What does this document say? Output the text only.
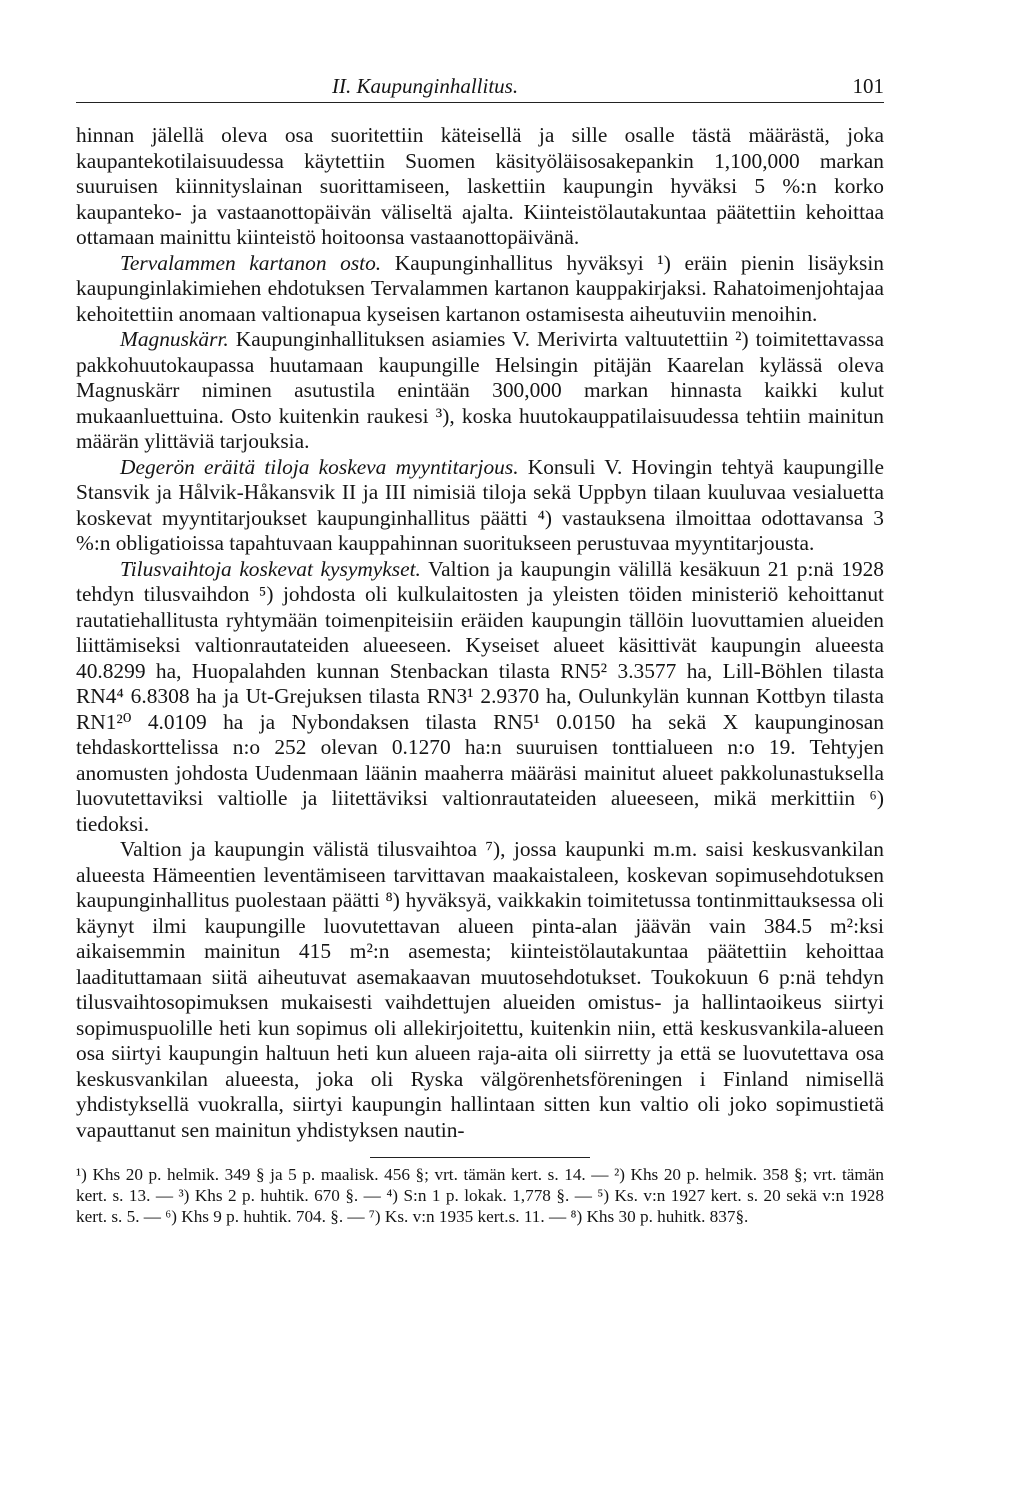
II. Kaupunginhallitus.	101

hinnan jälellä oleva osa suoritettiin käteisellä ja sille osalle tästä määrästä, joka kaupantekotilaisuudessa käytettiin Suomen käsityöläisosakepankin 1,100,000 markan suuruisen kiinnityslainan suorittamiseen, laskettiin kaupungin hyväksi 5 %:n korko kaupanteko- ja vastaanottopäivän väliseltä ajalta. Kiinteistölautakuntaa päätettiin kehoittaa ottamaan mainittu kiinteistö hoitoonsa vastaanottopäivänä.

Tervalammen kartanon osto. Kaupunginhallitus hyväksyi ¹) eräin pienin lisäyksin kaupunginlakimiehen ehdotuksen Tervalammen kartanon kauppakirjaksi. Rahatoimenjohtajaa kehoitettiin anomaan valtionapua kyseisen kartanon ostamisesta aiheutuviin menoihin.

Magnuskärr. Kaupunginhallituksen asiamies V. Merivirta valtuutettiin ²) toimitettavassa pakkohuutokaupassa huutamaan kaupungille Helsingin pitäjän Kaarelan kylässä oleva Magnuskärr niminen asutustila enintään 300,000 markan hinnasta kaikki kulut mukaanluettuina. Osto kuitenkin raukesi ³), koska huutokauppatilaisuudessa tehtiin mainitun määrän ylittäviä tarjouksia.

Degerön eräitä tiloja koskeva myyntitarjous. Konsuli V. Hovingin tehtyä kaupungille Stansvik ja Hålvik-Håkansvik II ja III nimisiä tiloja sekä Uppbyn tilaan kuuluvaa vesialuetta koskevat myyntitarjoukset kaupunginhallitus päätti ⁴) vastauksena ilmoittaa odottavansa 3 %:n obligatioissa tapahtuvaan kauppahinnan suoritukseen perustuvaa myyntitarjousta.

Tilusvaihtoja koskevat kysymykset. Valtion ja kaupungin välillä kesäkuun 21 p:nä 1928 tehdyn tilusvaihdon ⁵) johdosta oli kulkulaitosten ja yleisten töiden ministeriö kehoittanut rautatiehallitusta ryhtymään toimenpiteisiin eräiden kaupungin tällöin luovuttamien alueiden liittämiseksi valtionrautateiden alueeseen. Kyseiset alueet käsittivät kaupungin alueesta 40.8299 ha, Huopalahden kunnan Stenbackan tilasta RN5² 3.3577 ha, Lill-Böhlen tilasta RN4⁴ 6.8308 ha ja Ut-Grejuksen tilasta RN3¹ 2.9370 ha, Oulunkylän kunnan Kottbyn tilasta RN1²⁰ 4.0109 ha ja Nybondaksen tilasta RN5¹ 0.0150 ha sekä X kaupunginosan tehdaskorttelissa n:o 252 olevan 0.1270 ha:n suuruisen tonttialueen n:o 19. Tehtyjen anomusten johdosta Uudenmaan läänin maaherra määräsi mainitut alueet pakkolunastuksella luovutettaviksi valtiolle ja liitettäviksi valtionrautateiden alueeseen, mikä merkittiin ⁶) tiedoksi.

Valtion ja kaupungin välistä tilusvaihtoa ⁷), jossa kaupunki m.m. saisi keskusvankilan alueesta Hämeentien leventämiseen tarvittavan maakaistaleen, koskevan sopimusehdotuksen kaupunginhallitus puolestaan päätti ⁸) hyväksyä, vaikkakin toimitetussa tontinmittauksessa oli käynyt ilmi kaupungille luovutettavan alueen pinta-alan jäävän vain 384.5 m²:ksi aikaisemmin mainitun 415 m²:n asemesta; kiinteistölautakuntaa päätettiin kehoittaa laadituttamaan siitä aiheutuvat asemakaavan muutosehdotukset. Toukokuun 6 p:nä tehdyn tilusvaihtosopimuksen mukaisesti vaihdettujen alueiden omistus- ja hallintaoikeus siirtyi sopimuspuolille heti kun sopimus oli allekirjoitettu, kuitenkin niin, että keskusvankila-alueen osa siirtyi kaupungin haltuun heti kun alueen raja-aita oli siirretty ja että se luovutettava osa keskusvankilan alueesta, joka oli Ryska välgörenhetsföreningen i Finland nimisellä yhdistyksellä vuokralla, siirtyi kaupungin hallintaan sitten kun valtio oli joko sopimustietä vapauttanut sen mainitun yhdistyksen nautin-

¹) Khs 20 p. helmik. 349 § ja 5 p. maalisk. 456 §; vrt. tämän kert. s. 14. — ²) Khs 20 p. helmik. 358 §; vrt. tämän kert. s. 13. — ³) Khs 2 p. huhtik. 670 §. — ⁴) S:n 1 p. lokak. 1,778 §. — ⁵) Ks. v:n 1927 kert. s. 20 sekä v:n 1928 kert. s. 5. — ⁶) Khs 9 p. huhtik. 704. §. — ⁷) Ks. v:n 1935 kert.s. 11. — ⁸) Khs 30 p. huhitk. 837§.
